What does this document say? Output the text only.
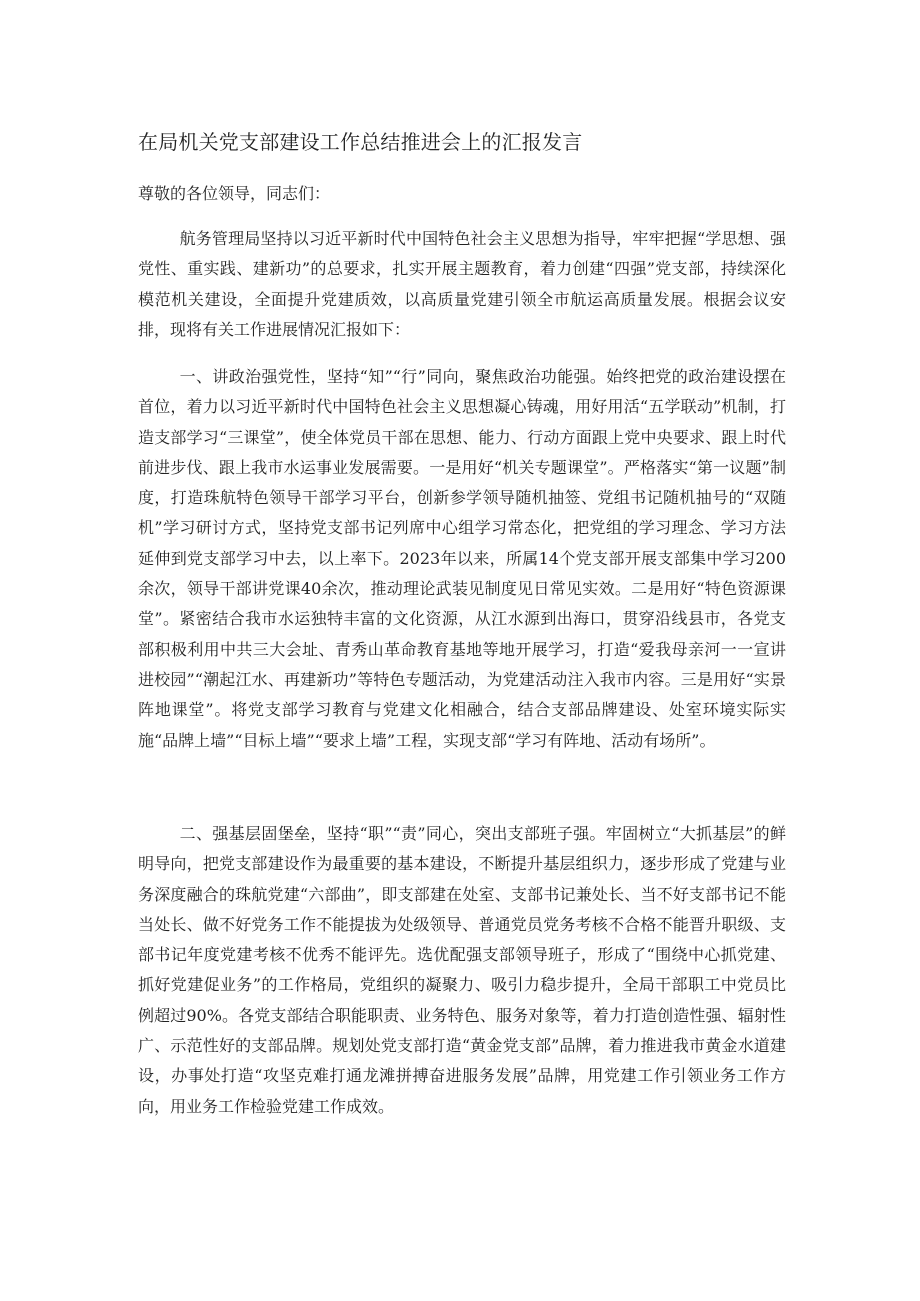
在局机关党支部建设工作总结推进会上的汇报发言

尊敬的各位领导，同志们：

航务管理局坚持以习近平新时代中国特色社会主义思想为指导，牢牢把握“学思想、强党性、重实践、建新功”的总要求，扎实开展主题教育，着力创建“四强”党支部，持续深化模范机关建设，全面提升党建质效，以高质量党建引领全市航运高质量发展。根据会议安排，现将有关工作进展情况汇报如下：

一、讲政治强党性，坚持“知”“行”同向，聚焦政治功能强。始终把党的政治建设摆在首位，着力以习近平新时代中国特色社会主义思想凝心铸魂，用好用活“五学联动”机制，打造支部学习“三课堂”，使全体党员干部在思想、能力、行动方面跟上党中央要求、跟上时代前进步伐、跟上我市水运事业发展需要。一是用好“机关专题课堂”。严格落实“第一议题”制度，打造珠航特色领导干部学习平台，创新参学领导随机抽签、党组书记随机抽号的“双随机”学习研讨方式，坚持党支部书记列席中心组学习常态化，把党组的学习理念、学习方法延伸到党支部学习中去，以上率下。2023年以来，所属14个党支部开展支部集中学习200余次，领导干部讲党课40余次，推动理论武装见制度见日常见实效。二是用好“特色资源课堂”。紧密结合我市水运独特丰富的文化资源，从江水源到出海口，贯穿沿线县市，各党支部积极利用中共三大会址、青秀山革命教育基地等地开展学习，打造“爱我母亲河一一宣讲进校园”“潮起江水、再建新功”等特色专题活动，为党建活动注入我市内容。三是用好“实景阵地课堂”。将党支部学习教育与党建文化相融合，结合支部品牌建设、处室环境实际实施“品牌上墙”“目标上墙”“要求上墙”工程，实现支部“学习有阵地、活动有场所”。

二、强基层固堡垒，坚持“职”“责”同心，突出支部班子强。牢固树立“大抓基层”的鲜明导向，把党支部建设作为最重要的基本建设，不断提升基层组织力，逐步形成了党建与业务深度融合的珠航党建“六部曲”，即支部建在处室、支部书记兼处长、当不好支部书记不能当处长、做不好党务工作不能提拔为处级领导、普通党员党务考核不合格不能晋升职级、支部书记年度党建考核不优秀不能评先。选优配强支部领导班子，形成了“围绕中心抓党建、抓好党建促业务”的工作格局，党组织的凝聚力、吸引力稳步提升，全局干部职工中党员比例超过90%。各党支部结合职能职责、业务特色、服务对象等，着力打造创造性强、辐射性广、示范性好的支部品牌。规划处党支部打造“黄金党支部”品牌，着力推进我市黄金水道建设，办事处打造“攻坚克难打通龙滩拼搏奋进服务发展”品牌，用党建工作引领业务工作方向，用业务工作检验党建工作成效。
